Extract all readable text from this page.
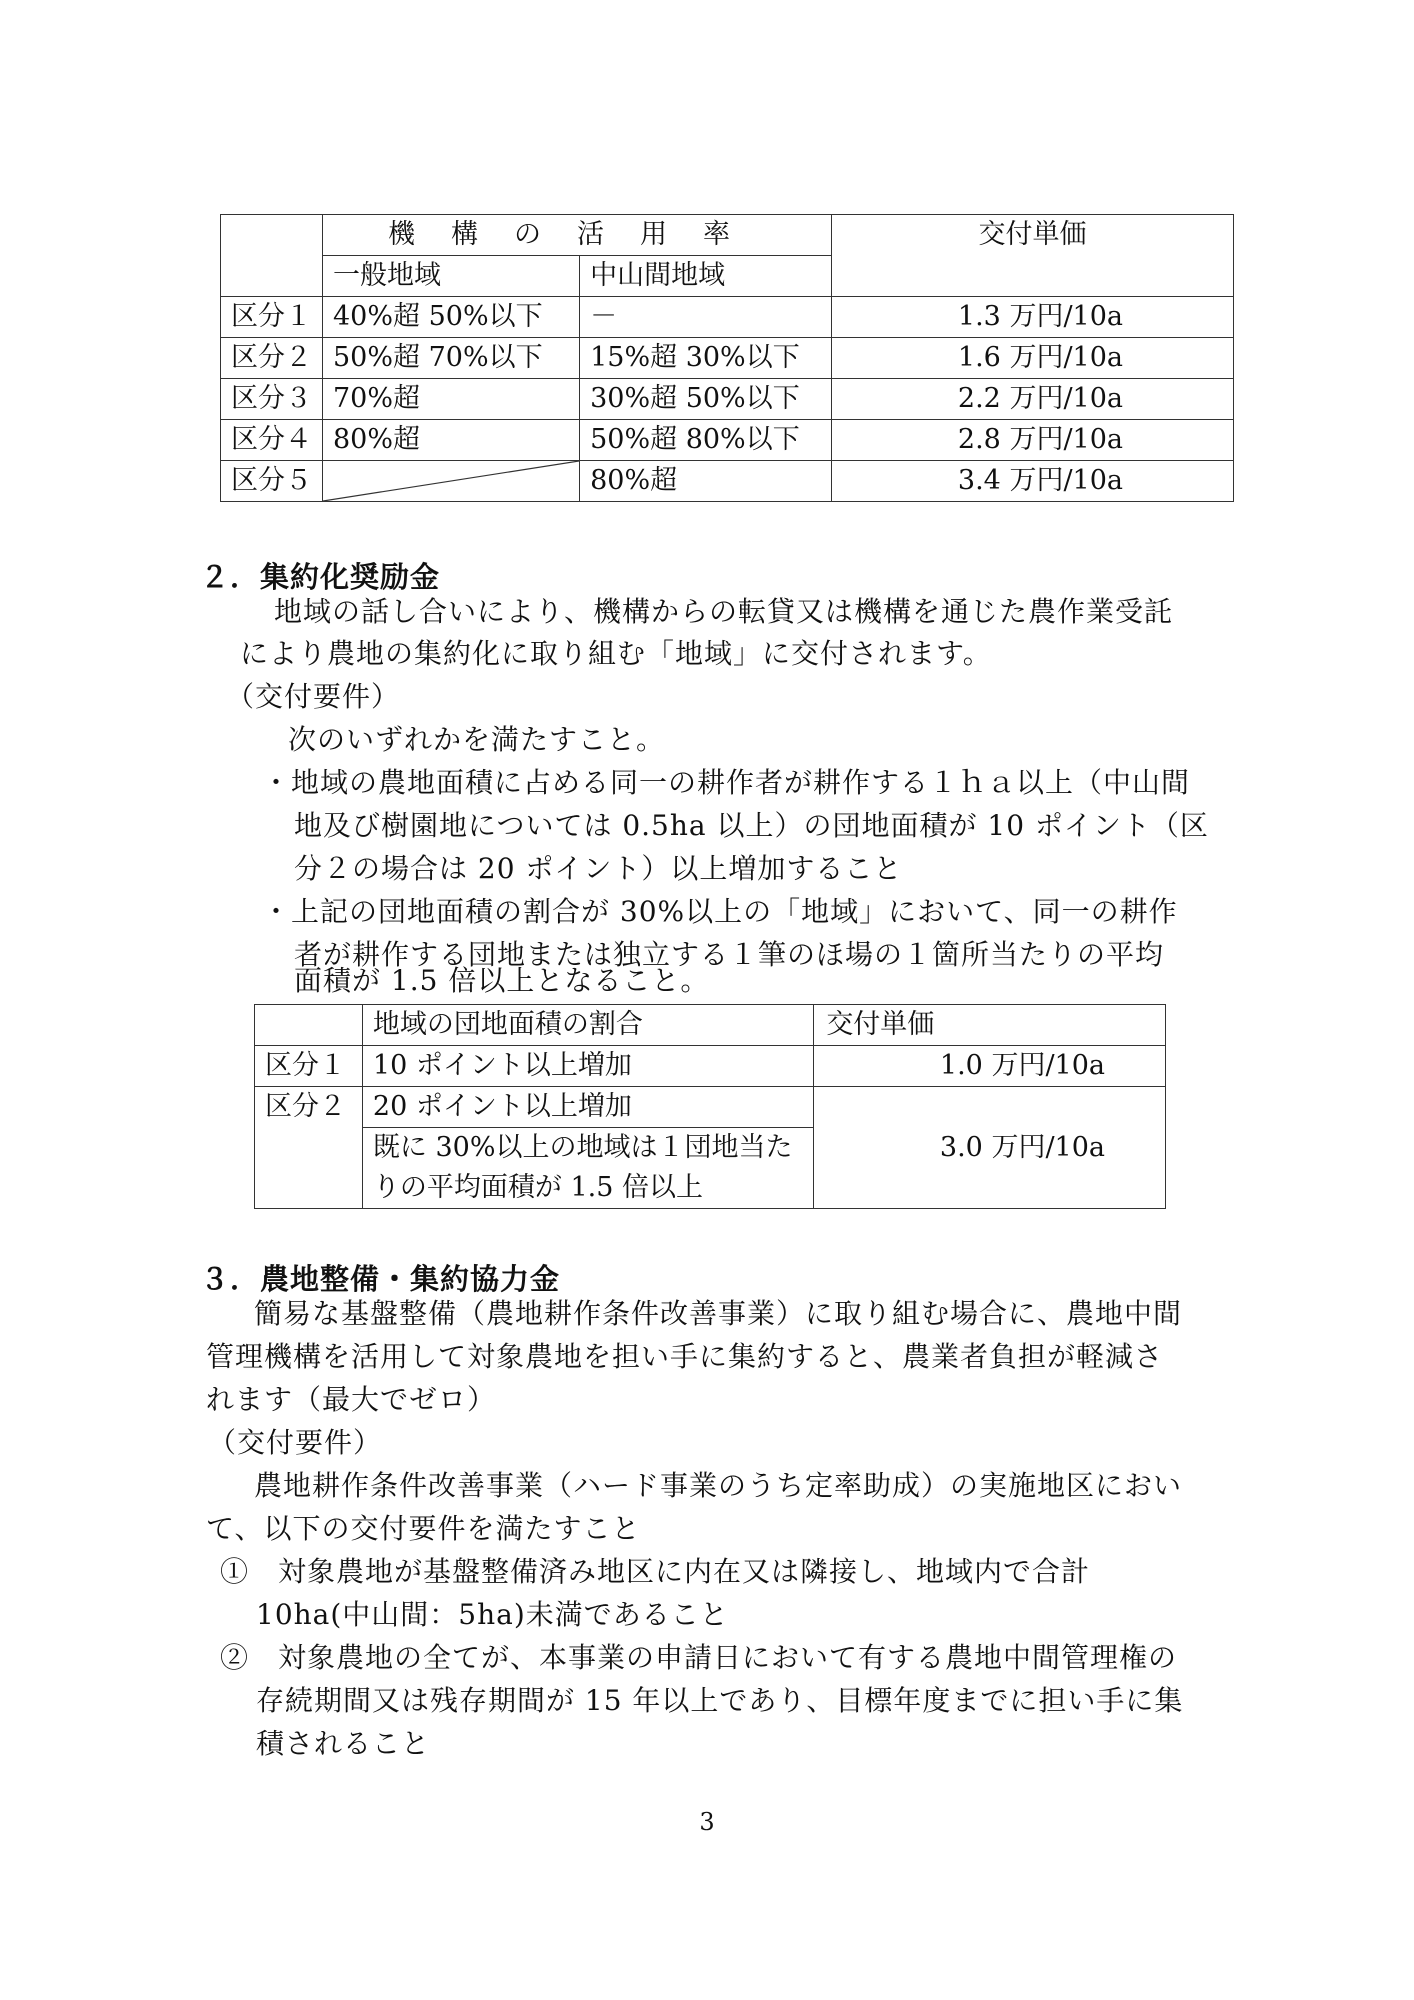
	機構の活用率		交付単価
	一般地域	中山間地域	
区分１	40%超 50%以下	－	1.3 万円/10a
区分２	50%超 70%以下	15%超 30%以下	1.6 万円/10a
区分３	70%超	30%超 50%以下	2.2 万円/10a
区分４	80%超	50%超 80%以下	2.8 万円/10a
区分５		80%超	3.4 万円/10a
２．集約化奨励金

地域の話し合いにより、機構からの転貸又は機構を通じた農作業受託

により農地の集約化に取り組む「地域」に交付されます。

（交付要件）

次のいずれかを満たすこと。

・地域の農地面積に占める同一の耕作者が耕作する１ｈａ以上（中山間

地及び樹園地については 0.5ha 以上）の団地面積が 10 ポイント（区

分２の場合は 20 ポイント）以上増加すること

・上記の団地面積の割合が 30%以上の「地域」において、同一の耕作

者が耕作する団地または独立する１筆のほ場の１箇所当たりの平均

面積が 1.5 倍以上となること。

	地域の団地面積の割合	交付単価
区分１	10 ポイント以上増加	1.0 万円/10a
区分２	20 ポイント以上増加	3.0 万円/10a

	既に 30%以上の地域は１団地当た
りの平均面積が 1.5 倍以上	
３．農地整備・集約協力金

簡易な基盤整備（農地耕作条件改善事業）に取り組む場合に、農地中間

管理機構を活用して対象農地を担い手に集約すると、農業者負担が軽減さ

れます（最大でゼロ）

（交付要件）

農地耕作条件改善事業（ハード事業のうち定率助成）の実施地区におい

て、以下の交付要件を満たすこと

①　対象農地が基盤整備済み地区に内在又は隣接し、地域内で合計

10ha(中山間：5ha)未満であること

②　対象農地の全てが、本事業の申請日において有する農地中間管理権の

存続期間又は残存期間が 15 年以上であり、目標年度までに担い手に集

積されること

3
